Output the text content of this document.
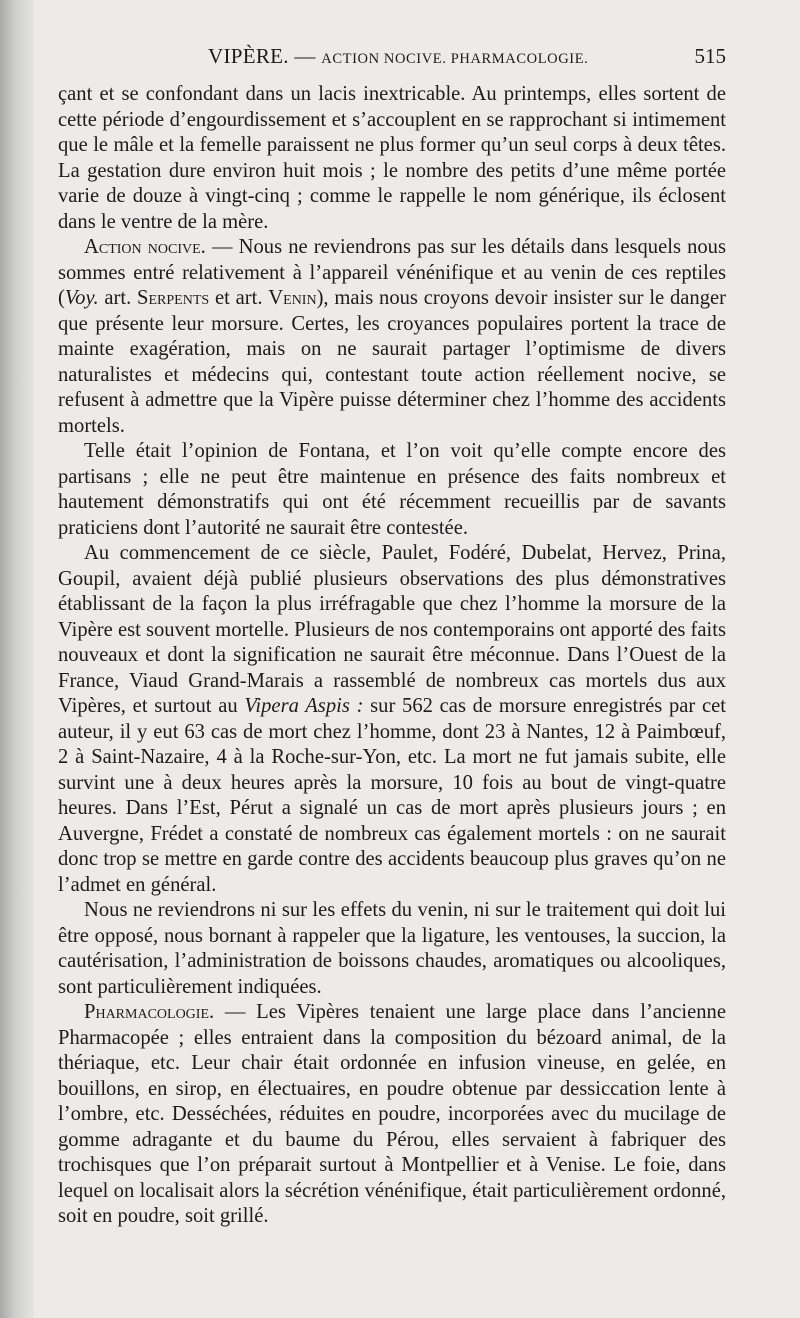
VIPÈRE. — ACTION NOCIVE. PHARMACOLOGIE.	515

çant et se confondant dans un lacis inextricable. Au printemps, elles sortent de cette période d’engourdissement et s’accouplent en se rapprochant si intimement que le mâle et la femelle paraissent ne plus former qu’un seul corps à deux têtes. La gestation dure environ huit mois ; le nombre des petits d’une même portée varie de douze à vingt-cinq ; comme le rappelle le nom générique, ils éclosent dans le ventre de la mère.

Action nocive. — Nous ne reviendrons pas sur les détails dans lesquels nous sommes entré relativement à l’appareil vénénifique et au venin de ces reptiles (Voy. art. Serpents et art. Venin), mais nous croyons devoir insister sur le danger que présente leur morsure. Certes, les croyances populaires portent la trace de mainte exagération, mais on ne saurait partager l’optimisme de divers naturalistes et médecins qui, contestant toute action réellement nocive, se refusent à admettre que la Vipère puisse déterminer chez l’homme des accidents mortels.

Telle était l’opinion de Fontana, et l’on voit qu’elle compte encore des partisans ; elle ne peut être maintenue en présence des faits nombreux et hautement démonstratifs qui ont été récemment recueillis par de savants praticiens dont l’autorité ne saurait être contestée.

Au commencement de ce siècle, Paulet, Fodéré, Dubelat, Hervez, Prina, Goupil, avaient déjà publié plusieurs observations des plus démonstratives établissant de la façon la plus irréfragable que chez l’homme la morsure de la Vipère est souvent mortelle. Plusieurs de nos contemporains ont apporté des faits nouveaux et dont la signification ne saurait être méconnue. Dans l’Ouest de la France, Viaud Grand-Marais a rassemblé de nombreux cas mortels dus aux Vipères, et surtout au Vipera Aspis : sur 562 cas de morsure enregistrés par cet auteur, il y eut 63 cas de mort chez l’homme, dont 23 à Nantes, 12 à Paimbœuf, 2 à Saint-Nazaire, 4 à la Roche-sur-Yon, etc. La mort ne fut jamais subite, elle survint une à deux heures après la morsure, 10 fois au bout de vingt-quatre heures. Dans l’Est, Pérut a signalé un cas de mort après plusieurs jours ; en Auvergne, Frédet a constaté de nombreux cas également mortels : on ne saurait donc trop se mettre en garde contre des accidents beaucoup plus graves qu’on ne l’admet en général.

Nous ne reviendrons ni sur les effets du venin, ni sur le traitement qui doit lui être opposé, nous bornant à rappeler que la ligature, les ventouses, la succion, la cautérisation, l’administration de boissons chaudes, aromatiques ou alcooliques, sont particulièrement indiquées.

Pharmacologie. — Les Vipères tenaient une large place dans l’ancienne Pharmacopée ; elles entraient dans la composition du bézoard animal, de la thériaque, etc. Leur chair était ordonnée en infusion vineuse, en gelée, en bouillons, en sirop, en électuaires, en poudre obtenue par dessiccation lente à l’ombre, etc. Desséchées, réduites en poudre, incorporées avec du mucilage de gomme adragante et du baume du Pérou, elles servaient à fabriquer des trochisques que l’on préparait surtout à Montpellier et à Venise. Le foie, dans lequel on localisait alors la sécrétion vénénifique, était particulièrement ordonné, soit en poudre, soit grillé.
